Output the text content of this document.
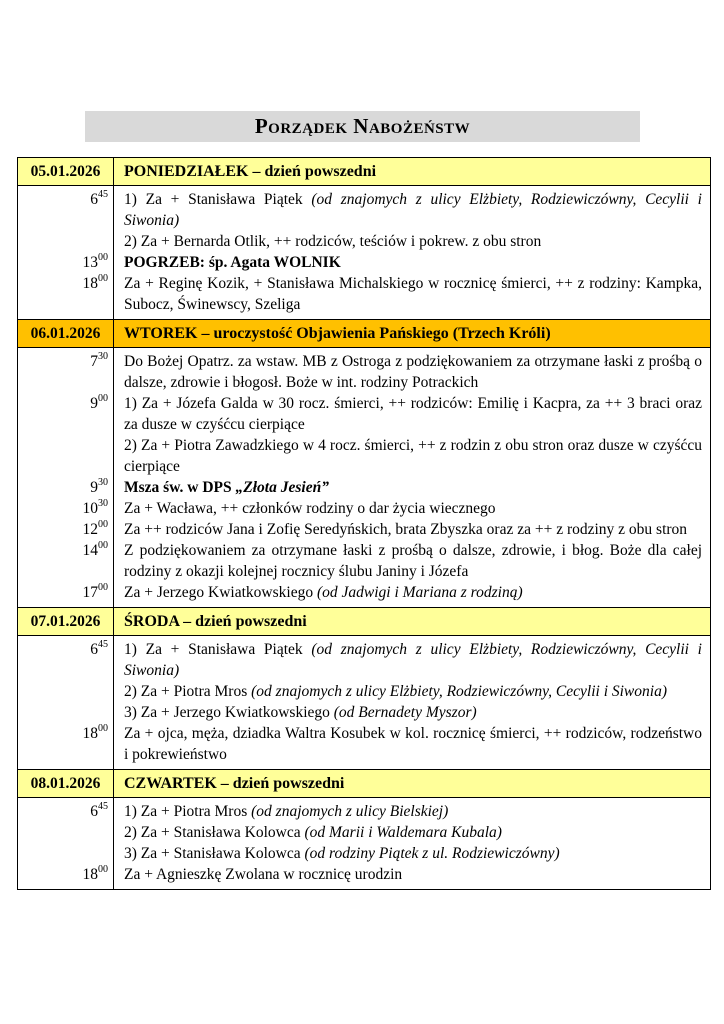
Porządek Nabożeństw
05.01.2026	PONIEDZIAŁEK – dzień powszedni
$6^{45}$	1) Za + Stanisława Piątek (od znajomych z ulicy Elżbiety, Rodziewiczówny, Cecylii i Siwonia)

2) Za + Bernarda Otlik, ++ rodziców, teściów i pokrew. z obu stron

$13^{00}$	POGRZEB: śp. Agata WOLNIK

$18^{00}$	Za + Reginę Kozik, + Stanisława Michalskiego w rocznicę śmierci, ++ z rodziny: Kampka, Subocz, Świnewscy, Szeliga

06.01.2026	WTOREK – uroczystość Objawienia Pańskiego (Trzech Króli)
$7^{30}$	Do Bożej Opatrz. za wstaw. MB z Ostroga z podziękowaniem za otrzymane łaski z prośbą o dalsze, zdrowie i błogosł. Boże w int. rodziny Potrackich

$9^{00}$	1) Za + Józefa Galda w 30 rocz. śmierci, ++ rodziców: Emilię i Kacpra, za ++ 3 braci oraz za dusze w czyśćcu cierpiące

2) Za + Piotra Zawadzkiego w 4 rocz. śmierci, ++ z rodzin z obu stron oraz dusze w czyśćcu cierpiące

$9^{30}$	Msza św. w DPS „Złota Jesień”

$10^{30}$	Za + Wacława, ++ członków rodziny o dar życia wiecznego

$12^{00}$	Za ++ rodziców Jana i Zofię Seredyńskich, brata Zbyszka oraz za ++ z rodziny z obu stron

$14^{00}$	Z podziękowaniem za otrzymane łaski z prośbą o dalsze, zdrowie, i błog. Boże dla całej rodziny z okazji kolejnej rocznicy ślubu Janiny i Józefa

$17^{00}$	Za + Jerzego Kwiatkowskiego (od Jadwigi i Mariana z rodziną)

07.01.2026	ŚRODA – dzień powszedni
$6^{45}$	1) Za + Stanisława Piątek (od znajomych z ulicy Elżbiety, Rodziewiczówny, Cecylii i Siwonia)

2) Za + Piotra Mros (od znajomych z ulicy Elżbiety, Rodziewiczówny, Cecylii i Siwonia)

3) Za + Jerzego Kwiatkowskiego (od Bernadety Myszor)

$18^{00}$	Za + ojca, męża, dziadka Waltra Kosubek w kol. rocznicę śmierci, ++ rodziców, rodzeństwo i pokrewieństwo

08.01.2026	CZWARTEK – dzień powszedni
$6^{45}$	1) Za + Piotra Mros (od znajomych z ulicy Bielskiej)

2) Za + Stanisława Kolowca (od Marii i Waldemara Kubala)

3) Za + Stanisława Kolowca (od rodziny Piątek z ul. Rodziewiczówny)

$18^{00}$	Za + Agnieszkę Zwolana w rocznicę urodzin
